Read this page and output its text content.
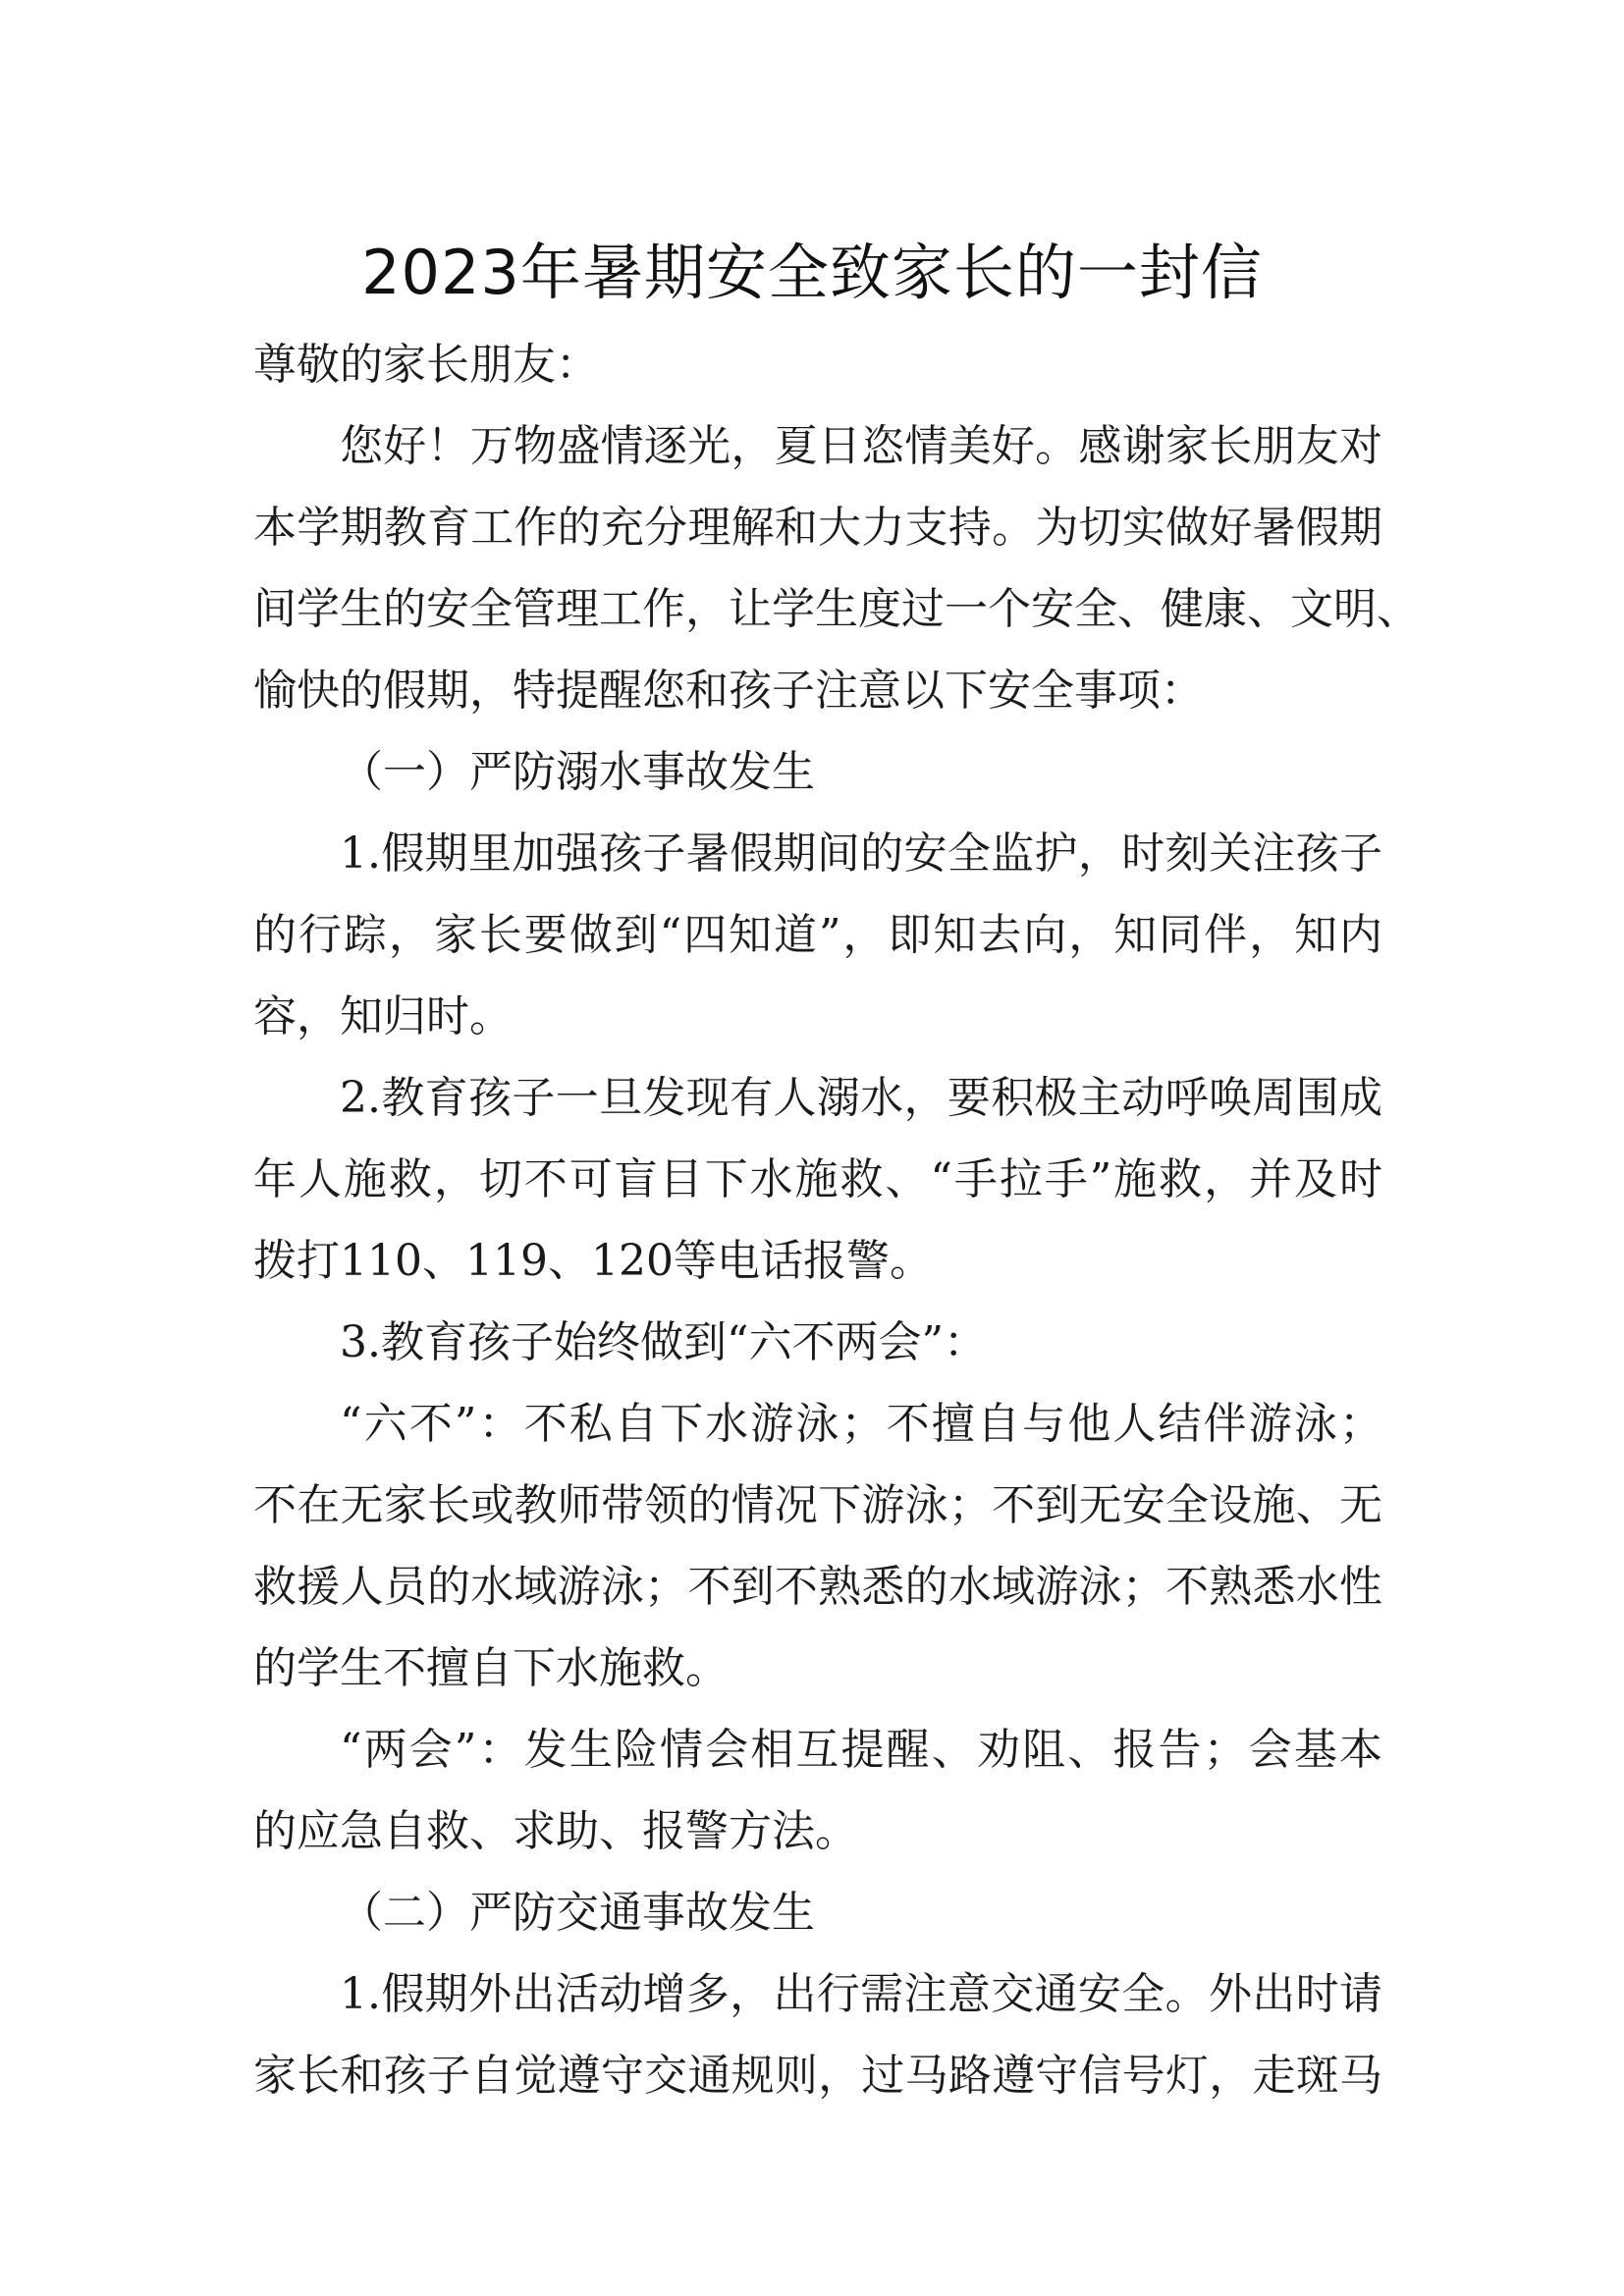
2023年暑期安全致家长的一封信
尊敬的家长朋友：
您好！万物盛情逐光，夏日恣情美好。感谢家长朋友对
本学期教育工作的充分理解和大力支持。为切实做好暑假期
间学生的安全管理工作，让学生度过一个安全、健康、文明、
愉快的假期，特提醒您和孩子注意以下安全事项：
（一）严防溺水事故发生
1.假期里加强孩子暑假期间的安全监护，时刻关注孩子
的行踪，家长要做到“四知道”，即知去向，知同伴，知内
容，知归时。
2.教育孩子一旦发现有人溺水，要积极主动呼唤周围成
年人施救，切不可盲目下水施救、“手拉手”施救，并及时
拨打110、119、120等电话报警。
3.教育孩子始终做到“六不两会”：
“六不”：不私自下水游泳；不擅自与他人结伴游泳；
不在无家长或教师带领的情况下游泳；不到无安全设施、无
救援人员的水域游泳；不到不熟悉的水域游泳；不熟悉水性
的学生不擅自下水施救。
“两会”：发生险情会相互提醒、劝阻、报告；会基本
的应急自救、求助、报警方法。
（二）严防交通事故发生
1.假期外出活动增多，出行需注意交通安全。外出时请
家长和孩子自觉遵守交通规则，过马路遵守信号灯，走斑马
